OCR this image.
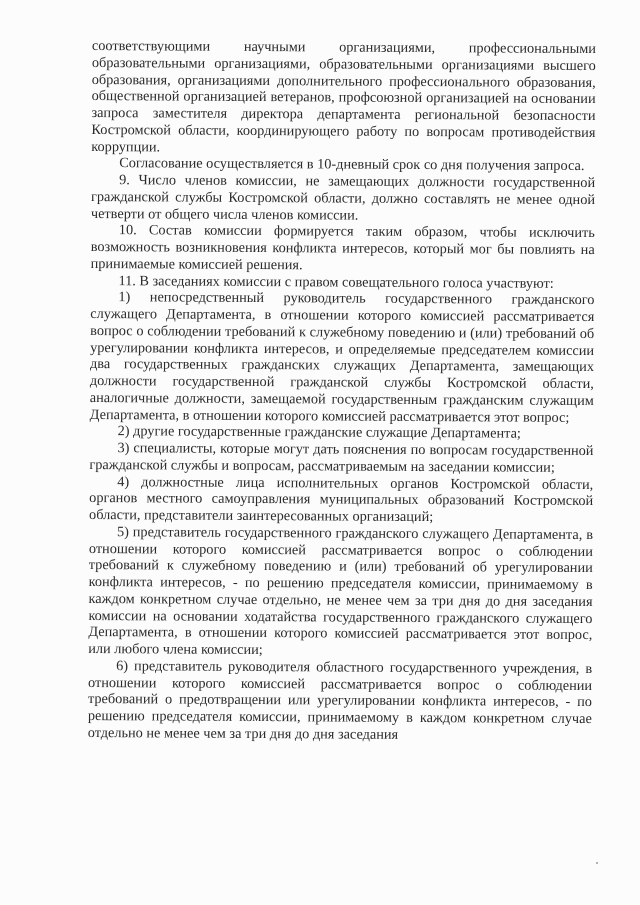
соответствующими научными организациями, профессиональными образовательными организациями, образовательными организациями высшего образования, организациями дополнительного профессионального образования, общественной организацией ветеранов, профсоюзной организацией на основании запроса заместителя директора департамента региональной безопасности Костромской области, координирующего работу по вопросам противодействия коррупции.

Согласование осуществляется в 10-дневный срок со дня получения запроса.

9. Число членов комиссии, не замещающих должности государственной гражданской службы Костромской области, должно составлять не менее одной четверти от общего числа членов комиссии.

10. Состав комиссии формируется таким образом, чтобы исключить возможность возникновения конфликта интересов, который мог бы повлиять на принимаемые комиссией решения.

11. В заседаниях комиссии с правом совещательного голоса участвуют:

1) непосредственный руководитель государственного гражданского служащего Департамента, в отношении которого комиссией рассматривается вопрос о соблюдении требований к служебному поведению и (или) требований об урегулировании конфликта интересов, и определяемые председателем комиссии два государственных гражданских служащих Департамента, замещающих должности государственной гражданской службы Костромской области, аналогичные должности, замещаемой государственным гражданским служащим Департамента, в отношении которого комиссией рассматривается этот вопрос;

2) другие государственные гражданские служащие Департамента;

3) специалисты, которые могут дать пояснения по вопросам государственной гражданской службы и вопросам, рассматриваемым на заседании комиссии;

4) должностные лица исполнительных органов Костромской области, органов местного самоуправления муниципальных образований Костромской области, представители заинтересованных организаций;

5) представитель государственного гражданского служащего Департамента, в отношении которого комиссией рассматривается вопрос о соблюдении требований к служебному поведению и (или) требований об урегулировании конфликта интересов, - по решению председателя комиссии, принимаемому в каждом конкретном случае отдельно, не менее чем за три дня до дня заседания комиссии на основании ходатайства государственного гражданского служащего Департамента, в отношении которого комиссией рассматривается этот вопрос, или любого члена комиссии;

6) представитель руководителя областного государственного учреждения, в отношении которого комиссией рассматривается вопрос о соблюдении требований о предотвращении или урегулировании конфликта интересов, - по решению председателя комиссии, принимаемому в каждом конкретном случае отдельно не менее чем за три дня до дня заседания
